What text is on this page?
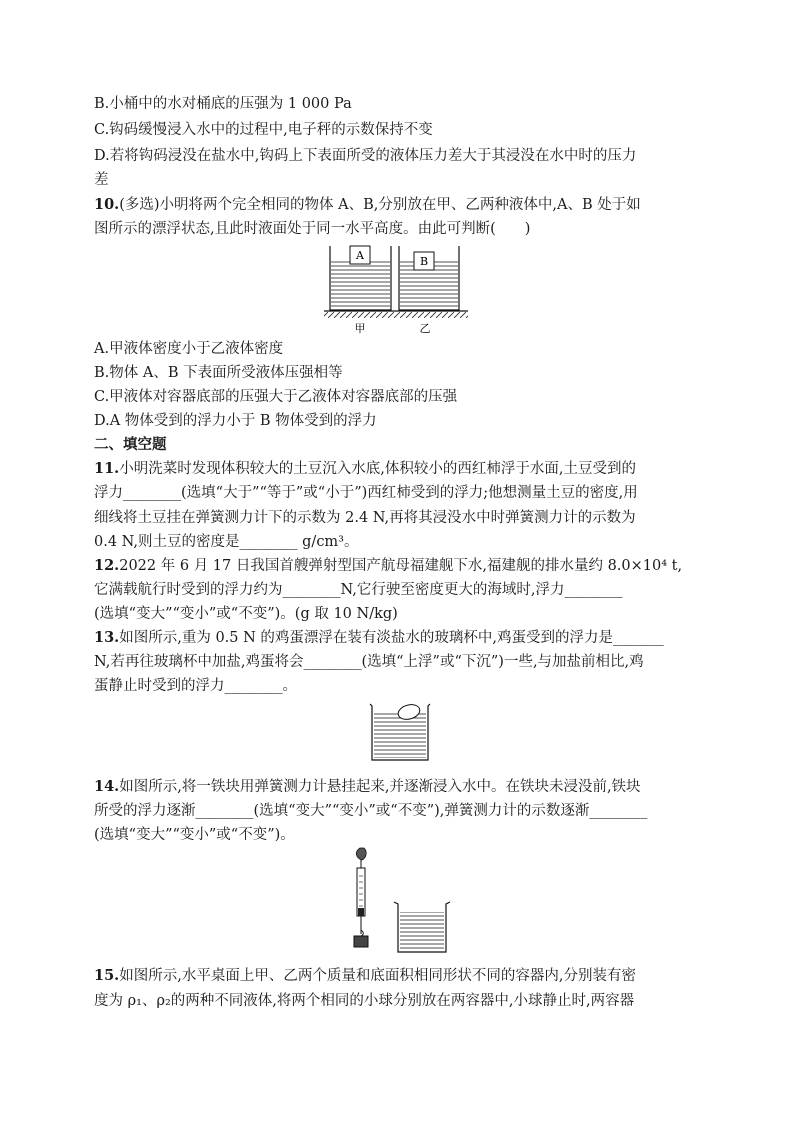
B.小桶中的水对桶底的压强为 1 000 Pa
C.钩码缓慢浸入水中的过程中,电子秤的示数保持不变
D.若将钩码浸没在盐水中,钩码上下表面所受的液体压力差大于其浸没在水中时的压力
差
10.(多选)小明将两个完全相同的物体 A、B,分别放在甲、乙两种液体中,A、B 处于如
图所示的漂浮状态,且此时液面处于同一水平高度。由此可判断(　　)
A	B
甲	乙
A.甲液体密度小于乙液体密度
B.物体 A、B 下表面所受液体压强相等
C.甲液体对容器底部的压强大于乙液体对容器底部的压强
D.A 物体受到的浮力小于 B 物体受到的浮力
二、填空题
11.小明洗菜时发现体积较大的土豆沉入水底,体积较小的西红柿浮于水面,土豆受到的
浮力________(选填“大于”“等于”或“小于”)西红柿受到的浮力;他想测量土豆的密度,用
细线将土豆挂在弹簧测力计下的示数为 2.4 N,再将其浸没水中时弹簧测力计的示数为
0.4 N,则土豆的密度是________ g/cm³。
12.2022 年 6 月 17 日我国首艘弹射型国产航母福建舰下水,福建舰的排水量约 8.0×10⁴ t,
它满载航行时受到的浮力约为________N,它行驶至密度更大的海域时,浮力________
(选填“变大”“变小”或“不变”)。(g 取 10 N/kg)
13.如图所示,重为 0.5 N 的鸡蛋漂浮在装有淡盐水的玻璃杯中,鸡蛋受到的浮力是_______
N,若再往玻璃杯中加盐,鸡蛋将会________(选填“上浮”或“下沉”)一些,与加盐前相比,鸡
蛋静止时受到的浮力________。
14.如图所示,将一铁块用弹簧测力计悬挂起来,并逐渐浸入水中。在铁块未浸没前,铁块
所受的浮力逐渐________(选填“变大”“变小”或“不变”),弹簧测力计的示数逐渐________
(选填“变大”“变小”或“不变”)。
15.如图所示,水平桌面上甲、乙两个质量和底面积相同形状不同的容器内,分别装有密
度为 ρ₁、ρ₂的两种不同液体,将两个相同的小球分别放在两容器中,小球静止时,两容器
